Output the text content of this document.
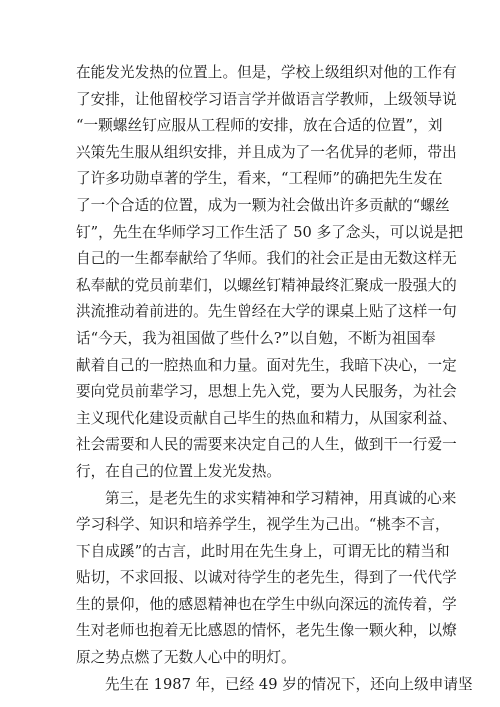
在能发光发热的位置上。但是，学校上级组织对他的工作有
了安排，让他留校学习语言学并做语言学教师，上级领导说
“一颗螺丝钉应服从工程师的安排，放在合适的位置”，刘
兴策先生服从组织安排，并且成为了一名优异的老师，带出
了许多功勋卓著的学生，看来，“工程师”的确把先生发在
了一个合适的位置，成为一颗为社会做出许多贡献的“螺丝
钉”，先生在华师学习工作生活了 50 多了念头，可以说是把
自己的一生都奉献给了华师。我们的社会正是由无数这样无
私奉献的党员前辈们，以螺丝钉精神最终汇聚成一股强大的
洪流推动着前进的。先生曾经在大学的课桌上贴了这样一句
话“今天，我为祖国做了些什么?”以自勉，不断为祖国奉
献着自己的一腔热血和力量。面对先生，我暗下决心，一定
要向党员前辈学习，思想上先入党，要为人民服务，为社会
主义现代化建设贡献自己毕生的热血和精力，从国家利益、
社会需要和人民的需要来决定自己的人生，做到干一行爱一
行，在自己的位置上发光发热。
第三，是老先生的求实精神和学习精神，用真诚的心来
学习科学、知识和培养学生，视学生为己出。“桃李不言，
下自成蹊”的古言，此时用在先生身上，可谓无比的精当和
贴切，不求回报、以诚对待学生的老先生，得到了一代代学
生的景仰，他的感恩精神也在学生中纵向深远的流传着，学
生对老师也抱着无比感恩的情怀，老先生像一颗火种，以燎
原之势点燃了无数人心中的明灯。
先生在 1987 年，已经 49 岁的情况下，还向上级申请坚
